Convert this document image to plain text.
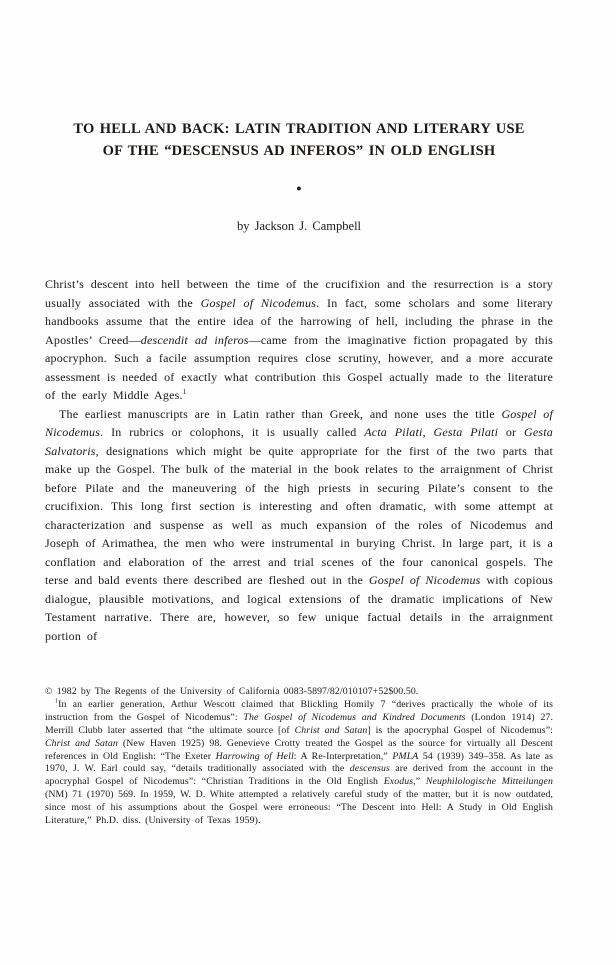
TO HELL AND BACK: LATIN TRADITION AND LITERARY USE
OF THE “DESCENSUS AD INFEROS” IN OLD ENGLISH
●
by Jackson J. Campbell

Christ’s descent into hell between the time of the crucifixion and the resurrection is a story usually associated with the Gospel of Nicodemus. In fact, some scholars and some literary handbooks assume that the entire idea of the harrowing of hell, including the phrase in the Apostles’ Creed—descendit ad inferos—came from the imaginative fiction propagated by this apocryphon. Such a facile assumption requires close scrutiny, however, and a more accurate assessment is needed of exactly what contribution this Gospel actually made to the literature of the early Middle Ages.$^1$

The earliest manuscripts are in Latin rather than Greek, and none uses the title Gospel of Nicodemus. In rubrics or colophons, it is usually called Acta Pilati, Gesta Pilati or Gesta Salvatoris, designations which might be quite appropriate for the first of the two parts that make up the Gospel. The bulk of the material in the book relates to the arraignment of Christ before Pilate and the maneuvering of the high priests in securing Pilate’s consent to the crucifixion. This long first section is interesting and often dramatic, with some attempt at characterization and suspense as well as much expansion of the roles of Nicodemus and Joseph of Arimathea, the men who were instrumental in burying Christ. In large part, it is a conflation and elaboration of the arrest and trial scenes of the four canonical gospels. The terse and bald events there described are fleshed out in the Gospel of Nicodemus with copious dialogue, plausible motivations, and logical extensions of the dramatic implications of New Testament narrative. There are, however, so few unique factual details in the arraignment portion of

© 1982 by The Regents of the University of California 0083-5897/82/010107+52$00.50.

$^1$In an earlier generation, Arthur Wescott claimed that Blickling Homily 7 “derives practically the whole of its instruction from the Gospel of Nicodemus”: The Gospel of Nicodemus and Kindred Documents (London 1914) 27. Merrill Clubb later asserted that “the ultimate source [of Christ and Satan] is the apocryphal Gospel of Nicodemus”: Christ and Satan (New Haven 1925) 98. Genevieve Crotty treated the Gospel as the source for virtually all Descent references in Old English: “The Exeter Harrowing of Hell: A Re-Interpretation,” PMLA 54 (1939) 349–358. As late as 1970, J. W. Earl could say, “details traditionally associated with the descensus are derived from the account in the apocryphal Gospel of Nicodemus”: “Christian Traditions in the Old English Exodus,” Neuphilologische Mitteilungen (NM) 71 (1970) 569. In 1959, W. D. White attempted a relatively careful study of the matter, but it is now outdated, since most of his assumptions about the Gospel were erroneous: “The Descent into Hell: A Study in Old English Literature,” Ph.D. diss. (University of Texas 1959).
